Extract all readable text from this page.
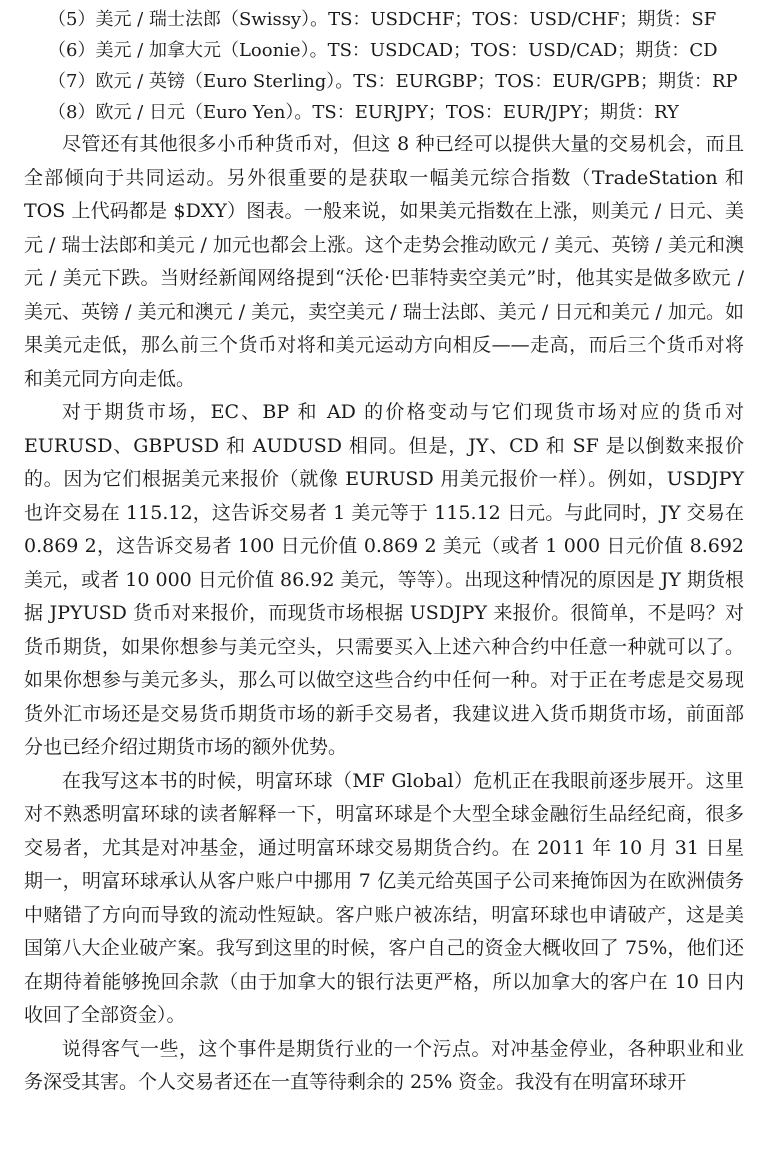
（5）美元 / 瑞士法郎（Swissy）。TS：USDCHF；TOS：USD/CHF；期货：SF
（6）美元 / 加拿大元（Loonie）。TS：USDCAD；TOS：USD/CAD；期货：CD
（7）欧元 / 英镑（Euro Sterling）。TS：EURGBP；TOS：EUR/GPB；期货：RP
（8）欧元 / 日元（Euro Yen）。TS：EURJPY；TOS：EUR/JPY；期货：RY

尽管还有其他很多小币种货币对，但这 8 种已经可以提供大量的交易机会，而且全部倾向于共同运动。另外很重要的是获取一幅美元综合指数（TradeStation 和 TOS 上代码都是 $DXY）图表。一般来说，如果美元指数在上涨，则美元 / 日元、美元 / 瑞士法郎和美元 / 加元也都会上涨。这个走势会推动欧元 / 美元、英镑 / 美元和澳元 / 美元下跌。当财经新闻网络提到“沃伦·巴菲特卖空美元”时，他其实是做多欧元 / 美元、英镑 / 美元和澳元 / 美元，卖空美元 / 瑞士法郎、美元 / 日元和美元 / 加元。如果美元走低，那么前三个货币对将和美元运动方向相反——走高，而后三个货币对将和美元同方向走低。

对于期货市场，EC、BP 和 AD 的价格变动与它们现货市场对应的货币对 EURUSD、GBPUSD 和 AUDUSD 相同。但是，JY、CD 和 SF 是以倒数来报价的。因为它们根据美元来报价（就像 EURUSD 用美元报价一样）。例如，USDJPY 也许交易在 115.12，这告诉交易者 1 美元等于 115.12 日元。与此同时，JY 交易在 0.869 2，这告诉交易者 100 日元价值 0.869 2 美元（或者 1 000 日元价值 8.692 美元，或者 10 000 日元价值 86.92 美元，等等）。出现这种情况的原因是 JY 期货根据 JPYUSD 货币对来报价，而现货市场根据 USDJPY 来报价。很简单，不是吗？对货币期货，如果你想参与美元空头，只需要买入上述六种合约中任意一种就可以了。如果你想参与美元多头，那么可以做空这些合约中任何一种。对于正在考虑是交易现货外汇市场还是交易货币期货市场的新手交易者，我建议进入货币期货市场，前面部分也已经介绍过期货市场的额外优势。

在我写这本书的时候，明富环球（MF Global）危机正在我眼前逐步展开。这里对不熟悉明富环球的读者解释一下，明富环球是个大型全球金融衍生品经纪商，很多交易者，尤其是对冲基金，通过明富环球交易期货合约。在 2011 年 10 月 31 日星期一，明富环球承认从客户账户中挪用 7 亿美元给英国子公司来掩饰因为在欧洲债务中赌错了方向而导致的流动性短缺。客户账户被冻结，明富环球也申请破产，这是美国第八大企业破产案。我写到这里的时候，客户自己的资金大概收回了 75%，他们还在期待着能够挽回余款（由于加拿大的银行法更严格，所以加拿大的客户在 10 日内收回了全部资金）。

说得客气一些，这个事件是期货行业的一个污点。对冲基金停业，各种职业和业务深受其害。个人交易者还在一直等待剩余的 25% 资金。我没有在明富环球开
